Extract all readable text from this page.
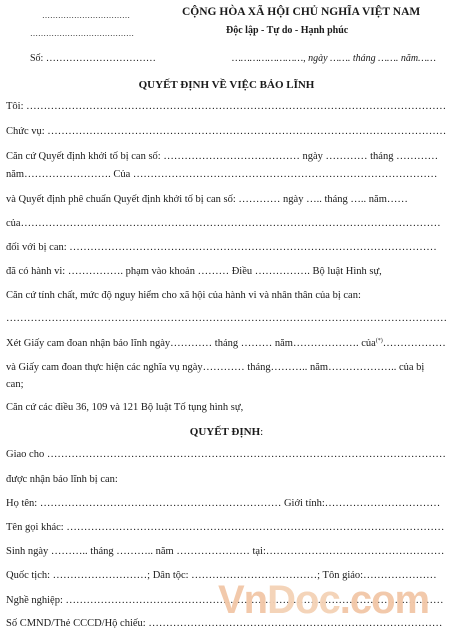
……………………………
…………………………………
CỘNG HÒA XÃ HỘI CHỦ NGHĨA VIỆT NAM
Độc lập - Tự do - Hạnh phúc
Số: ……………………………	……………………, ngày ……. tháng ……. năm……
QUYẾT ĐỊNH VỀ VIỆC BẢO LĨNH
Tôi: …………………………………………………………………………………………………………
Chức vụ: ……………………………………………………………………………………………………
Căn cứ Quyết định khởi tố bị can số: ………………………………… ngày ………… tháng …………
năm……………………. Của ……………………………………………………………………………
và Quyết định phê chuẩn Quyết định khởi tố bị can số: ………… ngày ….. tháng ….. năm……
của…………………………………………………………………………………………………………
đối với bị can: ……………………………………………………………………………………………
đã có hành vi: ……………. phạm vào khoản ……… Điều ……………. Bộ luật Hình sự,
Căn cứ tính chất, mức độ nguy hiểm cho xã hội của hành vi và nhân thân của bị can:
………………………………………………………………………………………………………………
Xét Giấy cam đoan nhận bảo lĩnh ngày………… tháng ……… năm………………. của(*)………………
và Giấy cam đoan thực hiện các nghĩa vụ ngày………… tháng……….. năm……………….. của bị
can;
Căn cứ các điều 36, 109 và 121 Bộ luật Tố tụng hình sự,
QUYẾT ĐỊNH:
Giao cho ……………………………………………………………………………………………………
được nhận bảo lĩnh bị can:
Họ tên: …………………………………………………………… Giới tính:……………………………
Tên gọi khác: ………………………………………………………………………………………………
Sinh ngày ……….. tháng ……….. năm ………………… tại:……………………………………………
Quốc tịch: ………………………; Dân tộc: ………………………………; Tôn giáo:…………………
Nghề nghiệp: ………………………………………………………………………………………………
Số CMND/Thẻ CCCD/Hộ chiếu: …………………………………………………………………………
VnDoc.com
